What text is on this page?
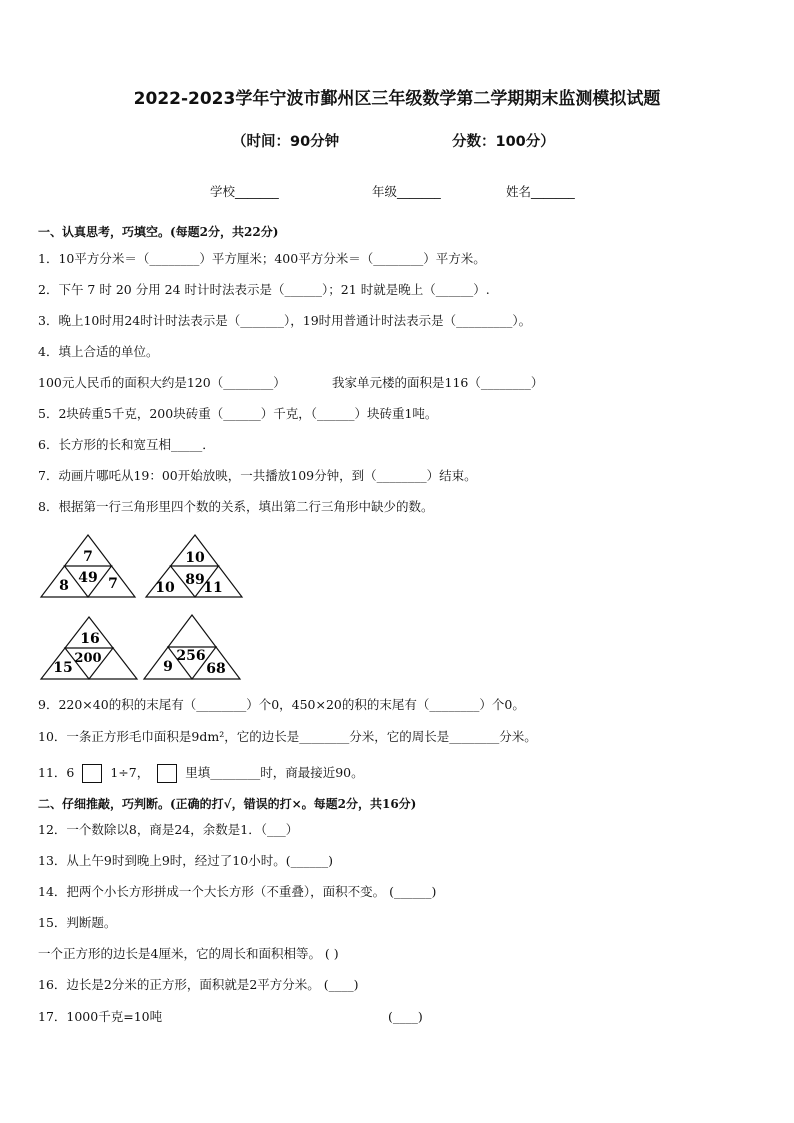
2022-2023学年宁波市鄞州区三年级数学第二学期期末监测模拟试题
（时间：90分钟	分数：100分）
学校_______	年级_______	姓名_______
一、认真思考，巧填空。(每题2分，共22分)
1．10平方分米＝（________）平方厘米；400平方分米＝（________）平方米。
2．下午 7 时 20 分用 24 时计时法表示是（______）；21 时就是晚上（______）.
3．晚上10时用24时计时法表示是（_______），19时用普通计时法表示是（_________）。
4．填上合适的单位。
100元人民币的面积大约是120（________）	我家单元楼的面积是116（________）
5．2块砖重5千克，200块砖重（______）千克，（______）块砖重1吨。
6．长方形的长和宽互相_____．
7．动画片哪吒从19：00开始放映，一共播放109分钟，到（________）结束。
8．根据第一行三角形里四个数的关系，填出第二行三角形中缺少的数。
7
49
8	7
10
89
10 11
16
200
15
256
9 68
9．220×40的积的末尾有（________）个0，450×20的积的末尾有（________）个0。
10．一条正方形毛巾面积是9dm²，它的边长是________分米，它的周长是________分米。
11．6	1÷7，	里填________时，商最接近90。
二、仔细推敲，巧判断。(正确的打√，错误的打×。每题2分，共16分)
12．一个数除以8，商是24，余数是1．（___）
13．从上午9时到晚上9时，经过了10小时。(______)
14．把两个小长方形拼成一个大长方形（不重叠），面积不变。 (______)
15．判断题。
一个正方形的边长是4厘米，它的周长和面积相等。 ( )
16．边长是2分米的正方形，面积就是2平方分米。 (____)
17．1000千克=10吨	(____)
